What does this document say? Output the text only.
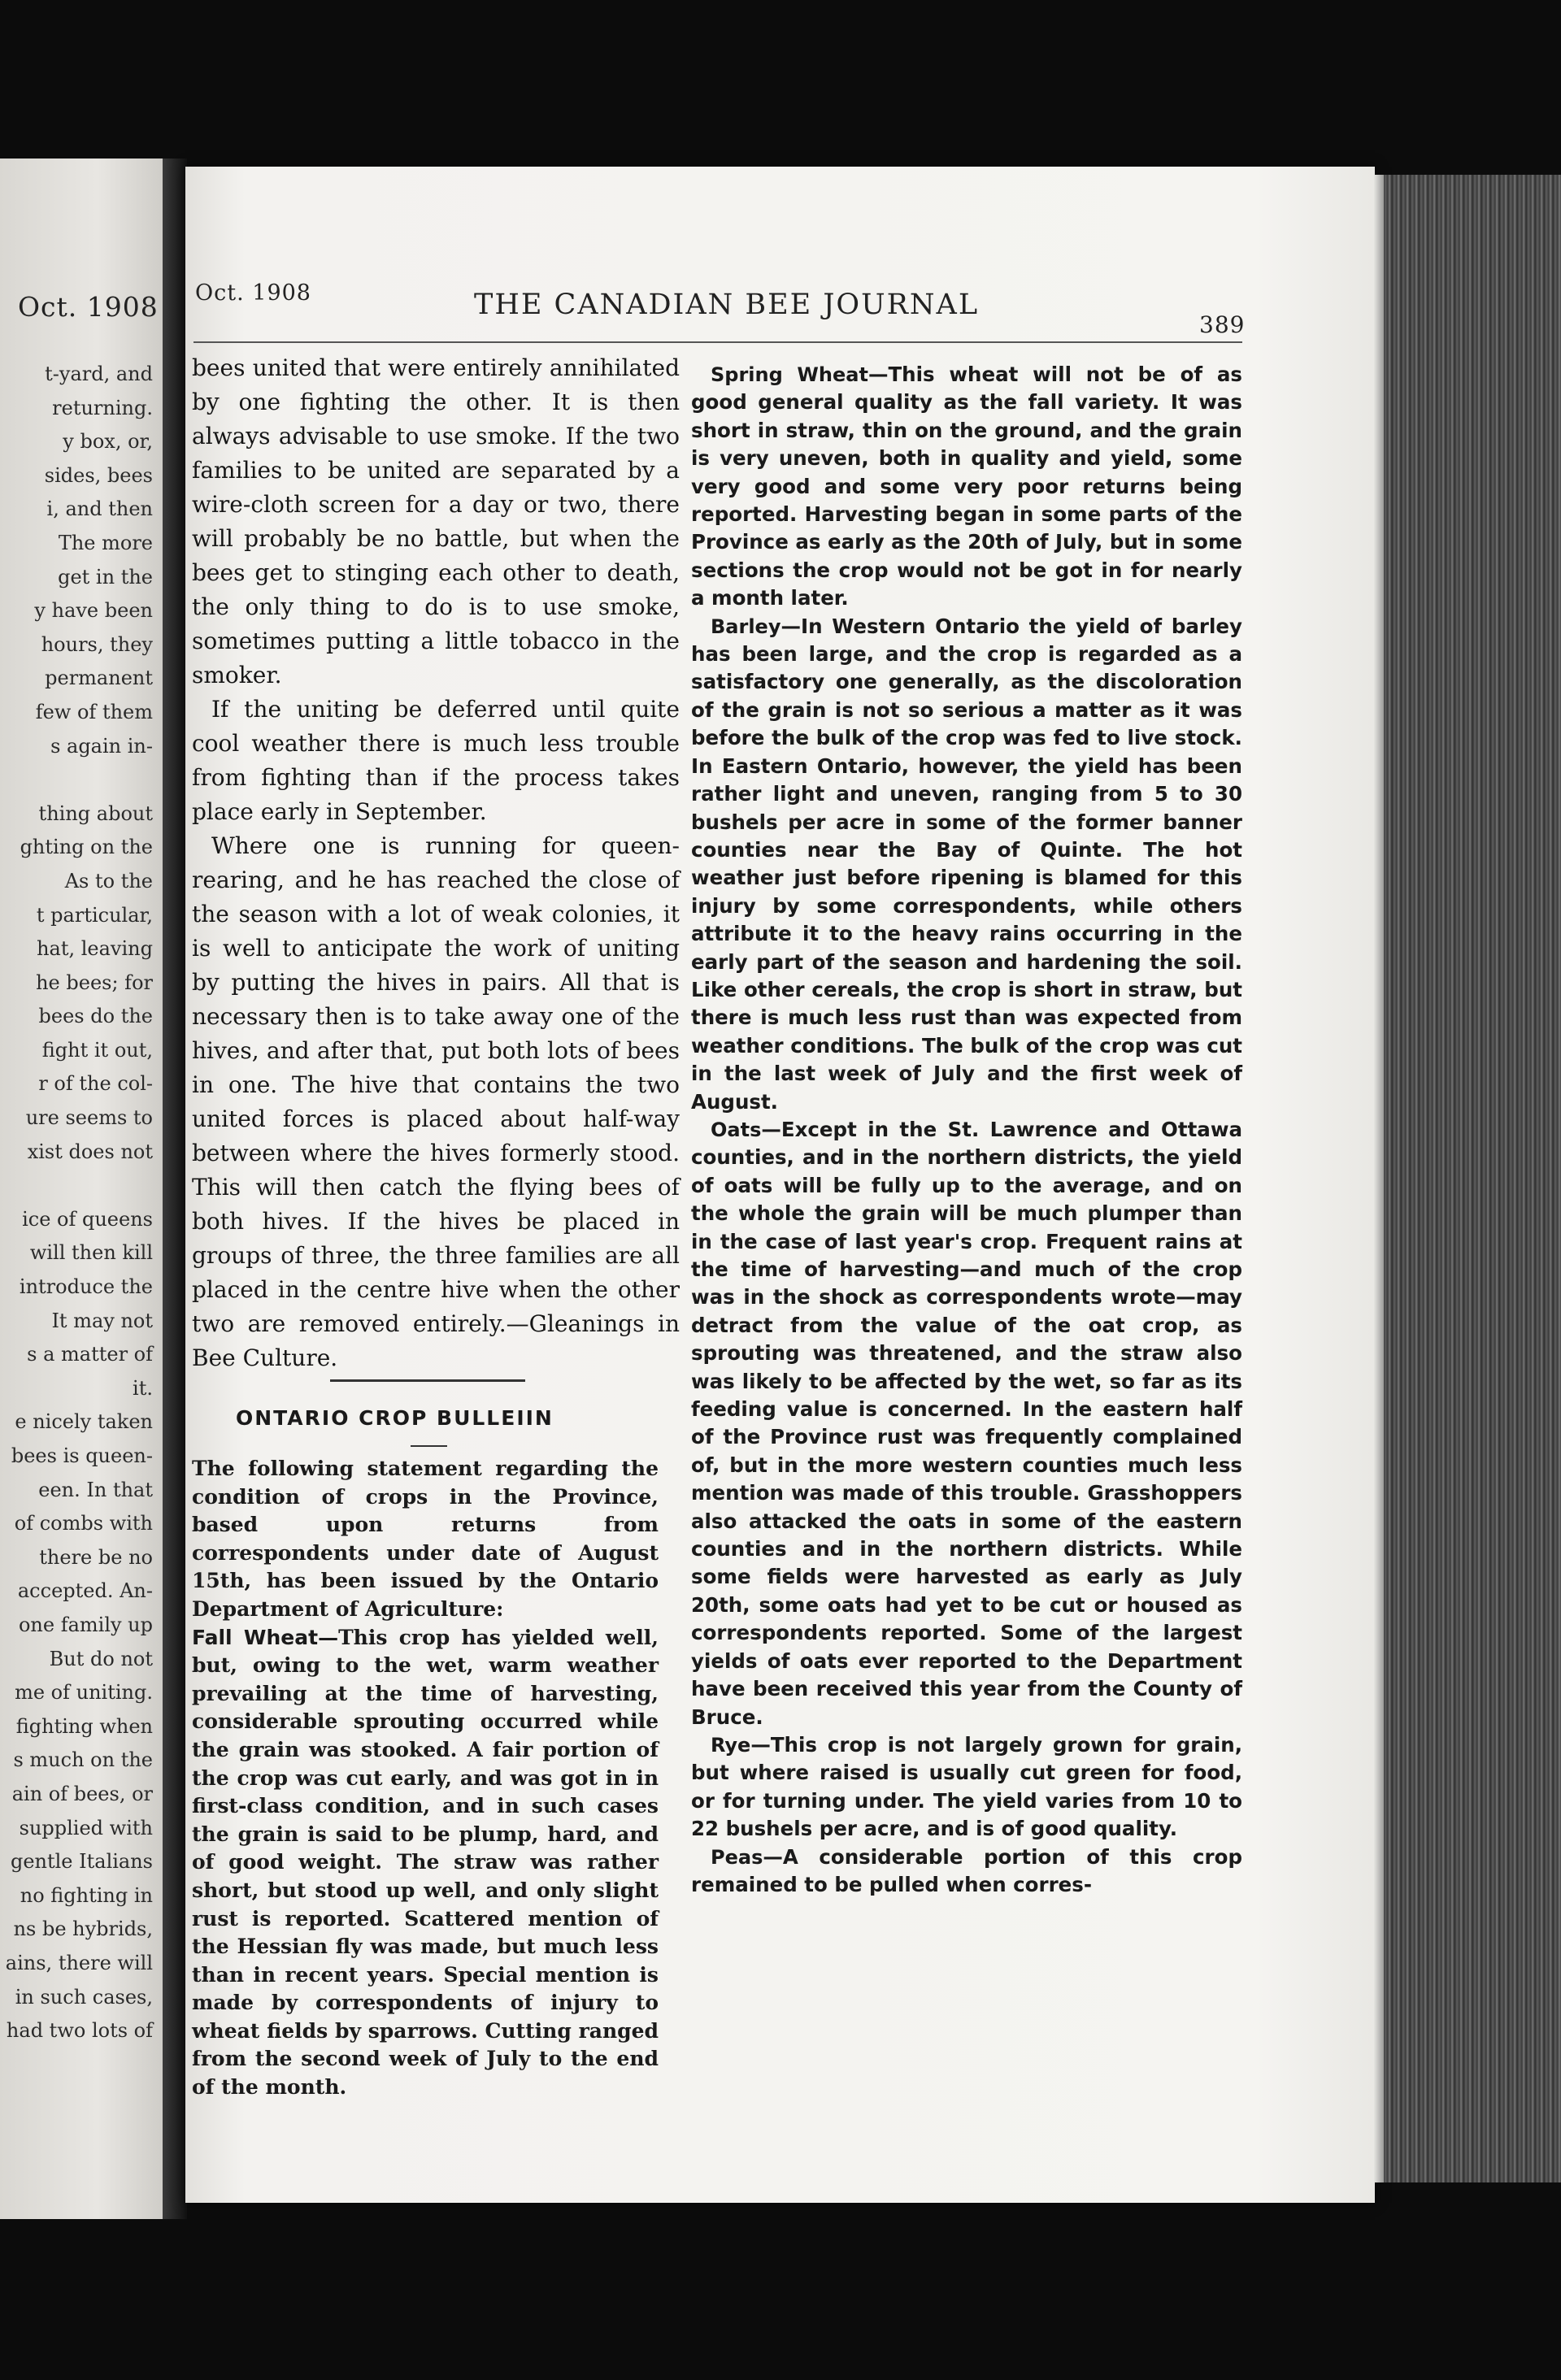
Oct. 1908
t-yard, and
returning.
y box, or,
sides, bees
i, and then
The more
get in the
y have been
hours, they
permanent
few of them
s again in-

thing about
ghting on the
As to the
t particular,
hat, leaving
he bees; for
bees do the
fight it out,
r of the col-
ure seems to
xist does not

ice of queens
will then kill
introduce the
It may not
s a matter of
it.
e nicely taken
bees is queen-
een. In that
of combs with
there be no
accepted. An-
one family up
But do not
me of uniting.
fighting when
s much on the
ain of bees, or
supplied with
gentle Italians
no fighting in
ns be hybrids,
ains, there will
in such cases,
had two lots of
Oct. 1908	THE CANADIAN BEE JOURNAL
389

bees united that were entirely annihilated by one fighting the other. It is then always advisable to use smoke. If the two families to be united are separated by a wire-cloth screen for a day or two, there will probably be no battle, but when the bees get to stinging each other to death, the only thing to do is to use smoke, sometimes putting a little tobacco in the smoker.

If the uniting be deferred until quite cool weather there is much less trouble from fighting than if the process takes place early in September.

Where one is running for queen-rearing, and he has reached the close of the season with a lot of weak colonies, it is well to anticipate the work of uniting by putting the hives in pairs. All that is necessary then is to take away one of the hives, and after that, put both lots of bees in one. The hive that contains the two united forces is placed about half-way between where the hives formerly stood. This will then catch the flying bees of both hives. If the hives be placed in groups of three, the three families are all placed in the centre hive when the other two are removed entirely.—Gleanings in Bee Culture.

ONTARIO CROP BULLEIIN

The following statement regarding the condition of crops in the Province, based upon returns from correspondents under date of August 15th, has been issued by the Ontario Department of Agriculture:

Fall Wheat—This crop has yielded well, but, owing to the wet, warm weather prevailing at the time of harvesting, considerable sprouting occurred while the grain was stooked. A fair portion of the crop was cut early, and was got in in first-class condition, and in such cases the grain is said to be plump, hard, and of good weight. The straw was rather short, but stood up well, and only slight rust is reported. Scattered mention of the Hessian fly was made, but much less than in recent years. Special mention is made by correspondents of injury to wheat fields by sparrows. Cutting ranged from the second week of July to the end of the month.

Spring Wheat—This wheat will not be of as good general quality as the fall variety. It was short in straw, thin on the ground, and the grain is very uneven, both in quality and yield, some very good and some very poor returns being reported. Harvesting began in some parts of the Province as early as the 20th of July, but in some sections the crop would not be got in for nearly a month later.

Barley—In Western Ontario the yield of barley has been large, and the crop is regarded as a satisfactory one generally, as the discoloration of the grain is not so serious a matter as it was before the bulk of the crop was fed to live stock. In Eastern Ontario, however, the yield has been rather light and uneven, ranging from 5 to 30 bushels per acre in some of the former banner counties near the Bay of Quinte. The hot weather just before ripening is blamed for this injury by some correspondents, while others attribute it to the heavy rains occurring in the early part of the season and hardening the soil. Like other cereals, the crop is short in straw, but there is much less rust than was expected from weather conditions. The bulk of the crop was cut in the last week of July and the first week of August.

Oats—Except in the St. Lawrence and Ottawa counties, and in the northern districts, the yield of oats will be fully up to the average, and on the whole the grain will be much plumper than in the case of last year's crop. Frequent rains at the time of harvesting—and much of the crop was in the shock as correspondents wrote—may detract from the value of the oat crop, as sprouting was threatened, and the straw also was likely to be affected by the wet, so far as its feeding value is concerned. In the eastern half of the Province rust was frequently complained of, but in the more western counties much less mention was made of this trouble. Grasshoppers also attacked the oats in some of the eastern counties and in the northern districts. While some fields were harvested as early as July 20th, some oats had yet to be cut or housed as correspondents reported. Some of the largest yields of oats ever reported to the Department have been received this year from the County of Bruce.

Rye—This crop is not largely grown for grain, but where raised is usually cut green for food, or for turning under. The yield varies from 10 to 22 bushels per acre, and is of good quality.

Peas—A considerable portion of this crop remained to be pulled when corres-
